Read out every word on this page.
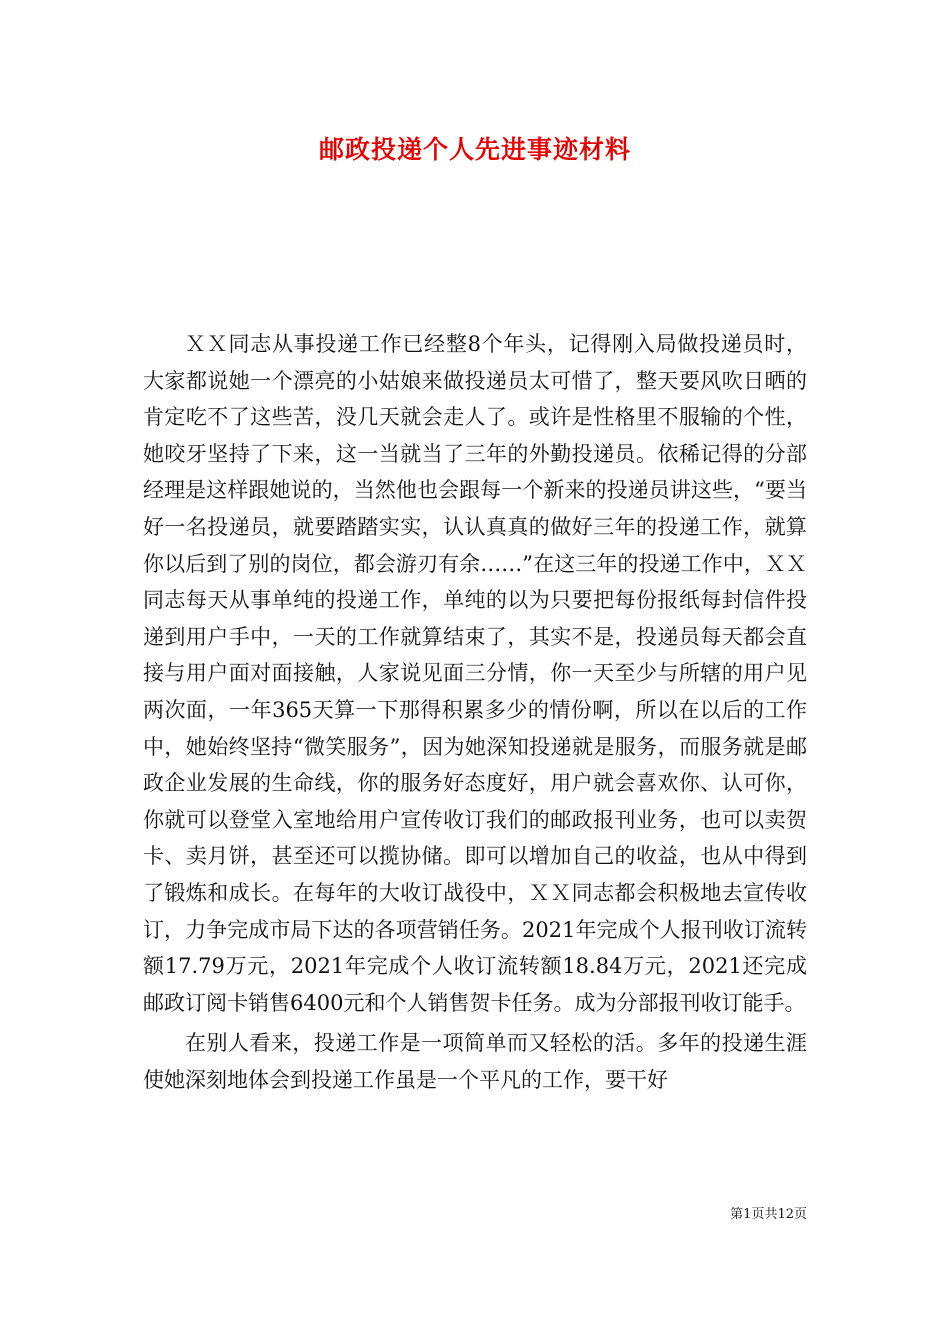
邮政投递个人先进事迹材料

ＸＸ同志从事投递工作已经整8个年头，记得刚入局做投递员时，大家都说她一个漂亮的小姑娘来做投递员太可惜了，整天要风吹日晒的肯定吃不了这些苦，没几天就会走人了。或许是性格里不服输的个性，她咬牙坚持了下来，这一当就当了三年的外勤投递员。依稀记得的分部经理是这样跟她说的，当然他也会跟每一个新来的投递员讲这些，“要当好一名投递员，就要踏踏实实，认认真真的做好三年的投递工作，就算你以后到了别的岗位，都会游刃有余……”在这三年的投递工作中，ＸＸ同志每天从事单纯的投递工作，单纯的以为只要把每份报纸每封信件投递到用户手中，一天的工作就算结束了，其实不是，投递员每天都会直接与用户面对面接触，人家说见面三分情，你一天至少与所辖的用户见两次面，一年365天算一下那得积累多少的情份啊，所以在以后的工作中，她始终坚持“微笑服务”，因为她深知投递就是服务，而服务就是邮政企业发展的生命线，你的服务好态度好，用户就会喜欢你、认可你，你就可以登堂入室地给用户宣传收订我们的邮政报刊业务，也可以卖贺卡、卖月饼，甚至还可以揽协储。即可以增加自己的收益，也从中得到了锻炼和成长。在每年的大收订战役中，ＸＸ同志都会积极地去宣传收订，力争完成市局下达的各项营销任务。2021年完成个人报刊收订流转额17.79万元，2021年完成个人收订流转额18.84万元，2021还完成邮政订阅卡销售6400元和个人销售贺卡任务。成为分部报刊收订能手。

在别人看来，投递工作是一项简单而又轻松的活。多年的投递生涯使她深刻地体会到投递工作虽是一个平凡的工作，要干好

第1页共12页
